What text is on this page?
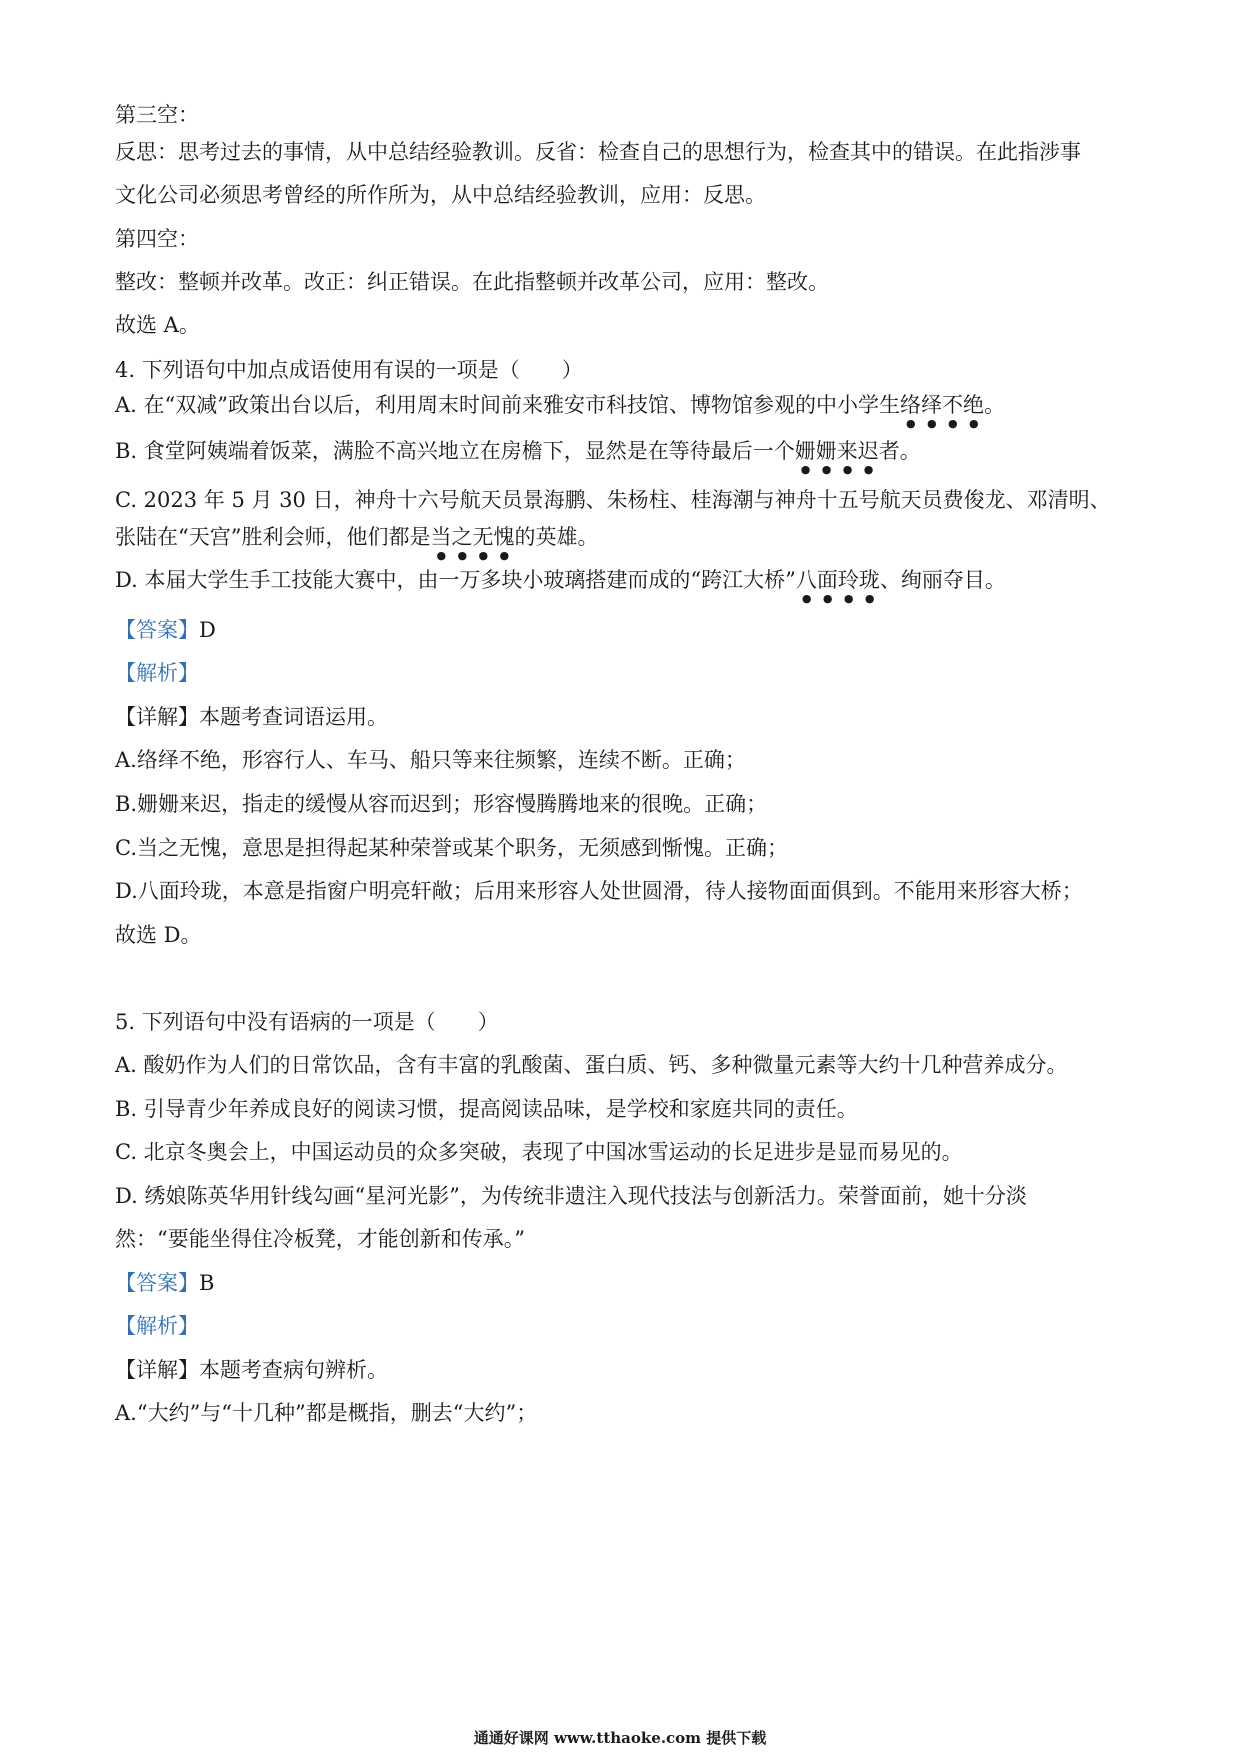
第三空：

反思：思考过去的事情，从中总结经验教训。反省：检查自己的思想行为，检查其中的错误。在此指涉事

文化公司必须思考曾经的所作所为，从中总结经验教训，应用：反思。

第四空：

整改：整顿并改革。改正：纠正错误。在此指整顿并改革公司，应用：整改。

故选 A。

4. 下列语句中加点成语使用有误的一项是（　　）

A. 在“双减”政策出台以后，利用周末时间前来雅安市科技馆、博物馆参观的中小学生络绎不绝。

B. 食堂阿姨端着饭菜，满脸不高兴地立在房檐下，显然是在等待最后一个姗姗来迟者。

C. 2023 年 5 月 30 日，神舟十六号航天员景海鹏、朱杨柱、桂海潮与神舟十五号航天员费俊龙、邓清明、

张陆在“天宫”胜利会师，他们都是当之无愧的英雄。

D. 本届大学生手工技能大赛中，由一万多块小玻璃搭建而成的“跨江大桥”八面玲珑、绚丽夺目。

【答案】D

【解析】

【详解】本题考查词语运用。

A.络绎不绝，形容行人、车马、船只等来往频繁，连续不断。正确；

B.姗姗来迟，指走的缓慢从容而迟到；形容慢腾腾地来的很晚。正确；

C.当之无愧，意思是担得起某种荣誉或某个职务，无须感到惭愧。正确；

D.八面玲珑，本意是指窗户明亮轩敞；后用来形容人处世圆滑，待人接物面面俱到。不能用来形容大桥；

故选 D。

5. 下列语句中没有语病的一项是（　　）

A. 酸奶作为人们的日常饮品，含有丰富的乳酸菌、蛋白质、钙、多种微量元素等大约十几种营养成分。

B. 引导青少年养成良好的阅读习惯，提高阅读品味，是学校和家庭共同的责任。

C. 北京冬奥会上，中国运动员的众多突破，表现了中国冰雪运动的长足进步是显而易见的。

D. 绣娘陈英华用针线勾画“星河光影”，为传统非遗注入现代技法与创新活力。荣誉面前，她十分淡

然：“要能坐得住冷板凳，才能创新和传承。”

【答案】B

【解析】

【详解】本题考查病句辨析。

A.“大约”与“十几种”都是概指，删去“大约”；

通通好课网 www.tthaoke.com 提供下载
